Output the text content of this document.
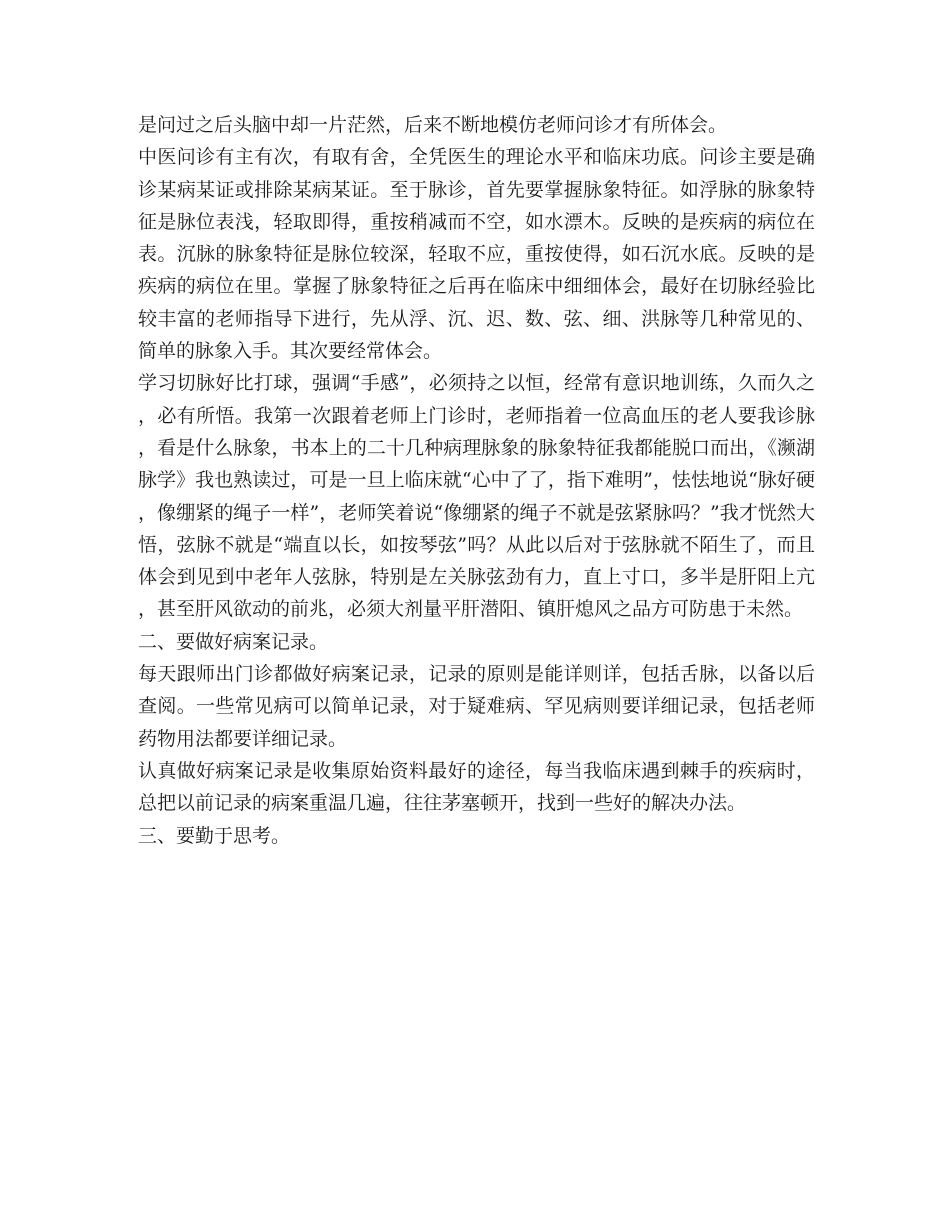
是问过之后头脑中却一片茫然，后来不断地模仿老师问诊才有所体会。

中医问诊有主有次，有取有舍，全凭医生的理论水平和临床功底。问诊主要是确诊某病某证或排除某病某证。至于脉诊，首先要掌握脉象特征。如浮脉的脉象特征是脉位表浅，轻取即得，重按稍减而不空，如水漂木。反映的是疾病的病位在表。沉脉的脉象特征是脉位较深，轻取不应，重按使得，如石沉水底。反映的是疾病的病位在里。掌握了脉象特征之后再在临床中细细体会，最好在切脉经验比较丰富的老师指导下进行，先从浮、沉、迟、数、弦、细、洪脉等几种常见的、简单的脉象入手。其次要经常体会。

学习切脉好比打球，强调“手感”，必须持之以恒，经常有意识地训练，久而久之，必有所悟。我第一次跟着老师上门诊时，老师指着一位高血压的老人要我诊脉，看是什么脉象，书本上的二十几种病理脉象的脉象特征我都能脱口而出，《濒湖脉学》我也熟读过，可是一旦上临床就“心中了了，指下难明”，怯怯地说“脉好硬，像绷紧的绳子一样”，老师笑着说“像绷紧的绳子不就是弦紧脉吗？”我才恍然大悟，弦脉不就是“端直以长，如按琴弦”吗？从此以后对于弦脉就不陌生了，而且体会到见到中老年人弦脉，特别是左关脉弦劲有力，直上寸口，多半是肝阳上亢，甚至肝风欲动的前兆，必须大剂量平肝潜阳、镇肝熄风之品方可防患于未然。

二、要做好病案记录。

每天跟师出门诊都做好病案记录，记录的原则是能详则详，包括舌脉，以备以后查阅。一些常见病可以简单记录，对于疑难病、罕见病则要详细记录，包括老师药物用法都要详细记录。

认真做好病案记录是收集原始资料最好的途径，每当我临床遇到棘手的疾病时，总把以前记录的病案重温几遍，往往茅塞顿开，找到一些好的解决办法。

三、要勤于思考。
